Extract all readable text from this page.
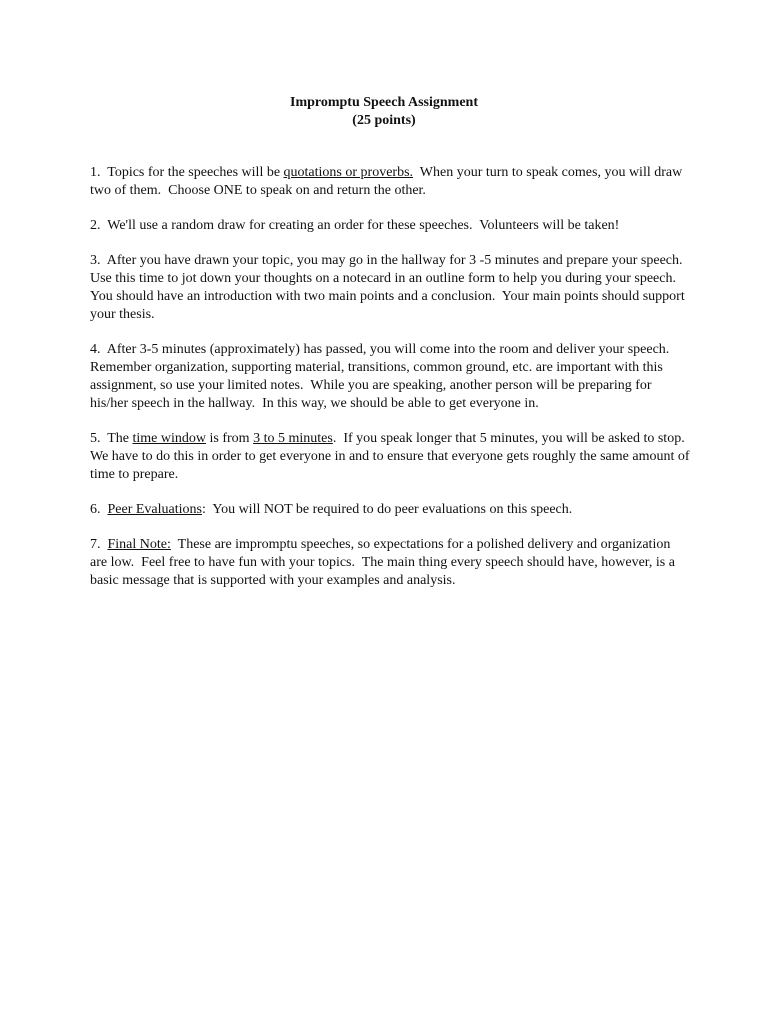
Impromptu Speech Assignment
(25 points)

1.  Topics for the speeches will be quotations or proverbs.  When your turn to speak comes, you will draw two of them.  Choose ONE to speak on and return the other.

2.  We'll use a random draw for creating an order for these speeches.  Volunteers will be taken!

3.  After you have drawn your topic, you may go in the hallway for 3 -5 minutes and prepare your speech.  Use this time to jot down your thoughts on a notecard in an outline form to help you during your speech. You should have an introduction with two main points and a conclusion.  Your main points should support your thesis.

4.  After 3-5 minutes (approximately) has passed, you will come into the room and deliver your speech.  Remember organization, supporting material, transitions, common ground, etc. are important with this assignment, so use your limited notes.  While you are speaking, another person will be preparing for his/her speech in the hallway.  In this way, we should be able to get everyone in.

5.  The time window is from 3 to 5 minutes.  If you speak longer that 5 minutes, you will be asked to stop.  We have to do this in order to get everyone in and to ensure that everyone gets roughly the same amount of time to prepare.

6.  Peer Evaluations:  You will NOT be required to do peer evaluations on this speech.

7.  Final Note:  These are impromptu speeches, so expectations for a polished delivery and organization are low.  Feel free to have fun with your topics.  The main thing every speech should have, however, is a basic message that is supported with your examples and analysis.
